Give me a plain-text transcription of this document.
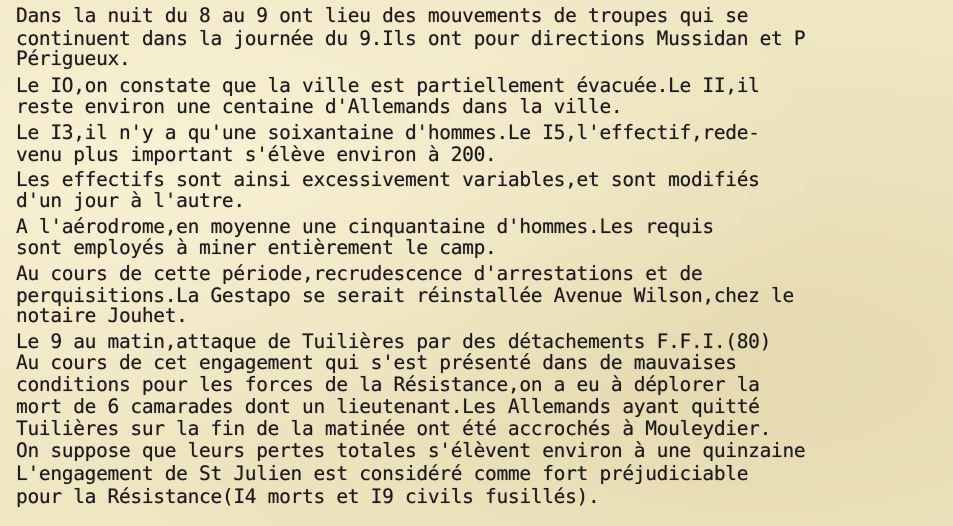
Dans la nuit du 8 au 9 ont lieu des mouvements de troupes qui se
continuent dans la journée du 9.Ils ont pour directions Mussidan et P
Périgueux.
Le IO,on constate que la ville est partiellement évacuée.Le II,il
reste environ une centaine d'Allemands dans la ville.
Le I3,il n'y a qu'une soixantaine d'hommes.Le I5,l'effectif,rede-
venu plus important s'élève environ à 200.
Les effectifs sont ainsi excessivement variables,et sont modifiés
d'un jour à l'autre.
A l'aérodrome,en moyenne une cinquantaine d'hommes.Les requis
sont employés à miner entièrement le camp.
Au cours de cette période,recrudescence d'arrestations et de
perquisitions.La Gestapo se serait réinstallée Avenue Wilson,chez le
notaire Jouhet.
Le 9 au matin,attaque de Tuilières par des détachements F.F.I.(80)
Au cours de cet engagement qui s'est présenté dans de mauvaises
conditions pour les forces de la Résistance,on a eu à déplorer la
mort de 6 camarades dont un lieutenant.Les Allemands ayant quitté
Tuilières sur la fin de la matinée ont été accrochés à Mouleydier.
On suppose que leurs pertes totales s'élèvent environ à une quinzaine
L'engagement de St Julien est considéré comme fort préjudiciable
pour la Résistance(I4 morts et I9 civils fusillés).
